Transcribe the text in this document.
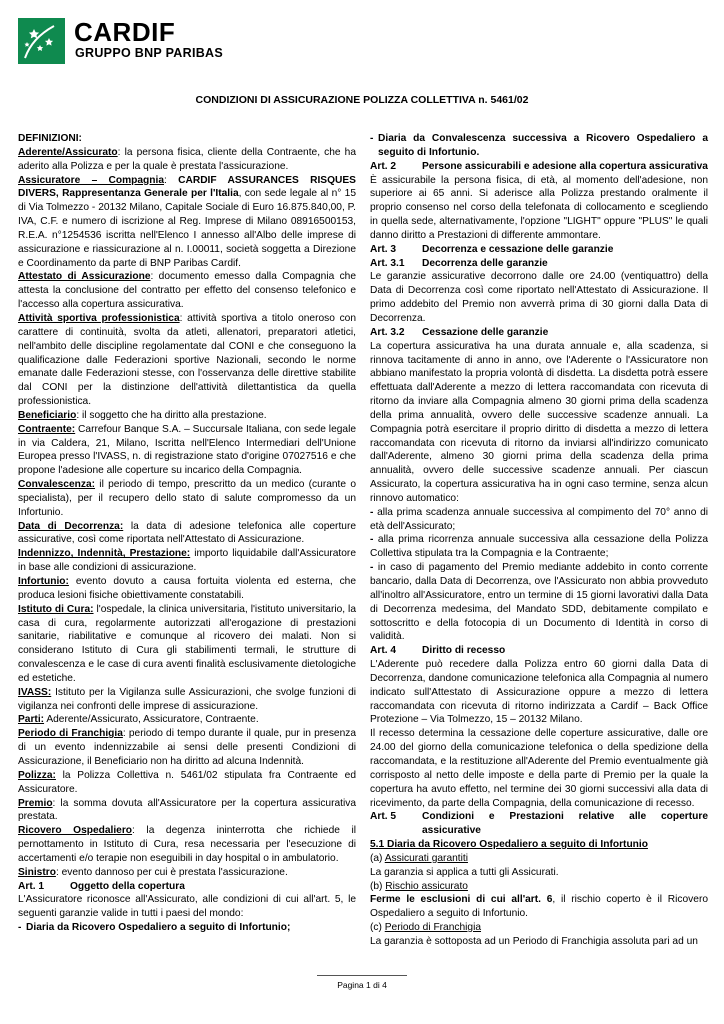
CARDIF
GRUPPO BNP PARIBAS
CONDIZIONI DI ASSICURAZIONE POLIZZA COLLETTIVA n. 5461/02

DEFINIZIONI:

Aderente/Assicurato: la persona fisica, cliente della Contraente, che ha aderito alla Polizza e per la quale è prestata l'assicurazione.

Assicuratore – Compagnia: CARDIF ASSURANCES RISQUES DIVERS, Rappresentanza Generale per l'Italia, con sede legale al n° 15 di Via Tolmezzo - 20132 Milano, Capitale Sociale di Euro 16.875.840,00, P. IVA, C.F. e numero di iscrizione al Reg. Imprese di Milano 08916500153, R.E.A. n°1254536 iscritta nell'Elenco I annesso all'Albo delle imprese di assicurazione e riassicurazione al n. I.00011, società soggetta a Direzione e Coordinamento da parte di BNP Paribas Cardif.

Attestato di Assicurazione: documento emesso dalla Compagnia che attesta la conclusione del contratto per effetto del consenso telefonico e l'accesso alla copertura assicurativa.

Attività sportiva professionistica: attività sportiva a titolo oneroso con carattere di continuità, svolta da atleti, allenatori, preparatori atletici, nell'ambito delle discipline regolamentate dal CONI e che conseguono la qualificazione dalle Federazioni sportive Nazionali, secondo le norme emanate dalle Federazioni stesse, con l'osservanza delle direttive stabilite dal CONI per la distinzione dell'attività dilettantistica da quella professionistica.

Beneficiario: il soggetto che ha diritto alla prestazione.

Contraente: Carrefour Banque S.A. – Succursale Italiana, con sede legale in via Caldera, 21, Milano, Iscritta nell'Elenco Intermediari dell'Unione Europea presso l'IVASS, n. di registrazione stato d'origine 07027516 e che propone l'adesione alle coperture su incarico della Compagnia.

Convalescenza: il periodo di tempo, prescritto da un medico (curante o specialista), per il recupero dello stato di salute compromesso da un Infortunio.

Data di Decorrenza: la data di adesione telefonica alle coperture assicurative, così come riportata nell'Attestato di Assicurazione.

Indennizzo, Indennità, Prestazione: importo liquidabile dall'Assicuratore in base alle condizioni di assicurazione.

Infortunio: evento dovuto a causa fortuita violenta ed esterna, che produca lesioni fisiche obiettivamente constatabili.

Istituto di Cura: l'ospedale, la clinica universitaria, l'istituto universitario, la casa di cura, regolarmente autorizzati all'erogazione di prestazioni sanitarie, riabilitative e comunque al ricovero dei malati. Non si considerano Istituto di Cura gli stabilimenti termali, le strutture di convalescenza e le case di cura aventi finalità esclusivamente dietologiche ed estetiche.

IVASS: Istituto per la Vigilanza sulle Assicurazioni, che svolge funzioni di vigilanza nei confronti delle imprese di assicurazione.

Parti: Aderente/Assicurato, Assicuratore, Contraente.

Periodo di Franchigia: periodo di tempo durante il quale, pur in presenza di un evento indennizzabile ai sensi delle presenti Condizioni di Assicurazione, il Beneficiario non ha diritto ad alcuna Indennità.

Polizza: la Polizza Collettiva n. 5461/02 stipulata fra Contraente ed Assicuratore.

Premio: la somma dovuta all'Assicuratore per la copertura assicurativa prestata.

Ricovero Ospedaliero: la degenza ininterrotta che richiede il pernottamento in Istituto di Cura, resa necessaria per l'esecuzione di accertamenti e/o terapie non eseguibili in day hospital o in ambulatorio.

Sinistro: evento dannoso per cui è prestata l'assicurazione.

Art. 1	Oggetto della copertura

L'Assicuratore riconosce all'Assicurato, alle condizioni di cui all'art. 5, le seguenti garanzie valide in tutti i paesi del mondo:

- Diaria da Ricovero Ospedaliero a seguito di Infortunio;
- Diaria da Convalescenza successiva a Ricovero Ospedaliero a seguito di Infortunio.
Art. 2	Persone assicurabili e adesione alla copertura assicurativa

È assicurabile la persona fisica, di età, al momento dell'adesione, non superiore ai 65 anni. Si aderisce alla Polizza prestando oralmente il proprio consenso nel corso della telefonata di collocamento e scegliendo in quella sede, alternativamente, l'opzione "LIGHT" oppure "PLUS" le quali danno diritto a Prestazioni di differente ammontare.

Art. 3	Decorrenza e cessazione delle garanzie
Art. 3.1	Decorrenza delle garanzie

Le garanzie assicurative decorrono dalle ore 24.00 (ventiquattro) della Data di Decorrenza così come riportato nell'Attestato di Assicurazione. Il primo addebito del Premio non avverrà prima di 30 giorni dalla Data di Decorrenza.

Art. 3.2	Cessazione delle garanzie

La copertura assicurativa ha una durata annuale e, alla scadenza, si rinnova tacitamente di anno in anno, ove l'Aderente o l'Assicuratore non abbiano manifestato la propria volontà di disdetta. La disdetta potrà essere effettuata dall'Aderente a mezzo di lettera raccomandata con ricevuta di ritorno da inviare alla Compagnia almeno 30 giorni prima della scadenza della prima annualità, ovvero delle successive scadenze annuali. La Compagnia potrà esercitare il proprio diritto di disdetta a mezzo di lettera raccomandata con ricevuta di ritorno da inviarsi all'indirizzo comunicato dall'Aderente, almeno 30 giorni prima della scadenza della prima annualità, ovvero delle successive scadenze annuali. Per ciascun Assicurato, la copertura assicurativa ha in ogni caso termine, senza alcun rinnovo automatico:

- alla prima scadenza annuale successiva al compimento del 70° anno di età dell'Assicurato;

- alla prima ricorrenza annuale successiva alla cessazione della Polizza Collettiva stipulata tra la Compagnia e la Contraente;

- in caso di pagamento del Premio mediante addebito in conto corrente bancario, dalla Data di Decorrenza, ove l'Assicurato non abbia provveduto all'inoltro all'Assicuratore, entro un termine di 15 giorni lavorativi dalla Data di Decorrenza medesima, del Mandato SDD, debitamente compilato e sottoscritto e della fotocopia di un Documento di Identità in corso di validità.

Art. 4	Diritto di recesso

L'Aderente può recedere dalla Polizza entro 60 giorni dalla Data di Decorrenza, dandone comunicazione telefonica alla Compagnia al numero indicato sull'Attestato di Assicurazione oppure a mezzo di lettera raccomandata con ricevuta di ritorno indirizzata a Cardif – Back Office Protezione – Via Tolmezzo, 15 – 20132 Milano.

Il recesso determina la cessazione delle coperture assicurative, dalle ore 24.00 del giorno della comunicazione telefonica o della spedizione della raccomandata, e la restituzione all'Aderente del Premio eventualmente già corrisposto al netto delle imposte e della parte di Premio per la quale la copertura ha avuto effetto, nel termine dei 30 giorni successivi alla data di ricevimento, da parte della Compagnia, della comunicazione di recesso.

Art. 5	Condizioni e Prestazioni relative alle coperture assicurative

5.1 Diaria da Ricovero Ospedaliero a seguito di Infortunio

(a) Assicurati garantiti

La garanzia si applica a tutti gli Assicurati.

(b) Rischio assicurato

Ferme le esclusioni di cui all'art. 6, il rischio coperto è il Ricovero Ospedaliero a seguito di Infortunio.

(c) Periodo di Franchigia

La garanzia è sottoposta ad un Periodo di Franchigia assoluta pari ad un

Pagina 1 di 4
